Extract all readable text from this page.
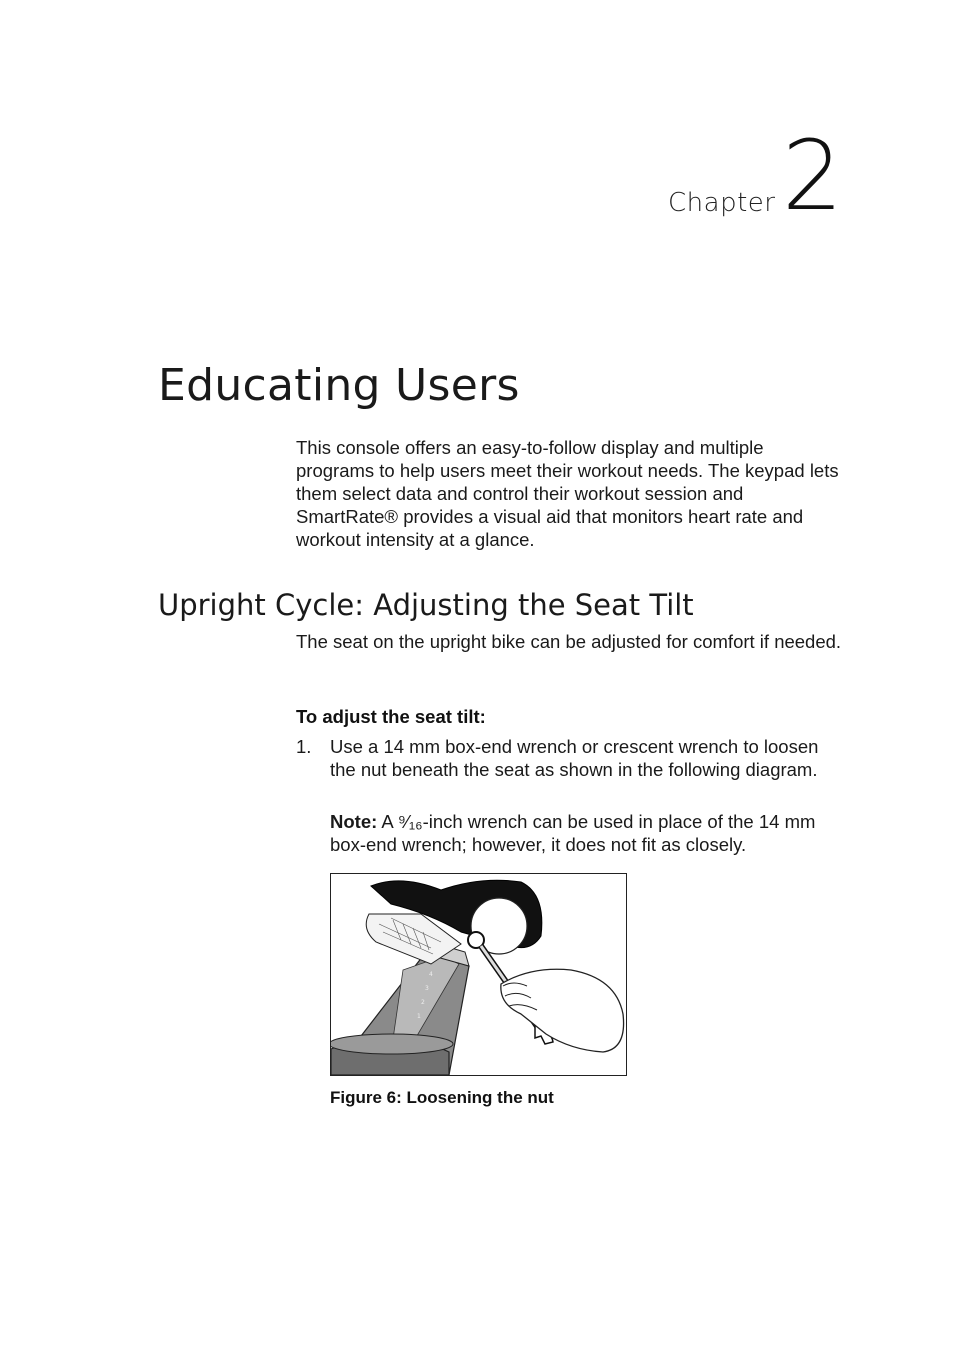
Chapter 2
Educating Users

This console offers an easy-to-follow display and multiple programs to help users meet their workout needs. The keypad lets them select data and control their workout session and SmartRate® provides a visual aid that monitors heart rate and workout intensity at a glance.

Upright Cycle: Adjusting the Seat Tilt

The seat on the upright bike can be adjusted for comfort if needed.

To adjust the seat tilt:
1. Use a 14 mm box-end wrench or crescent wrench to loosen the nut beneath the seat as shown in the following diagram.
Note: A ⁹⁄₁₆-inch wrench can be used in place of the 14 mm box-end wrench; however, it does not fit as closely.
4
3
2
1

Figure 6: Loosening the nut
